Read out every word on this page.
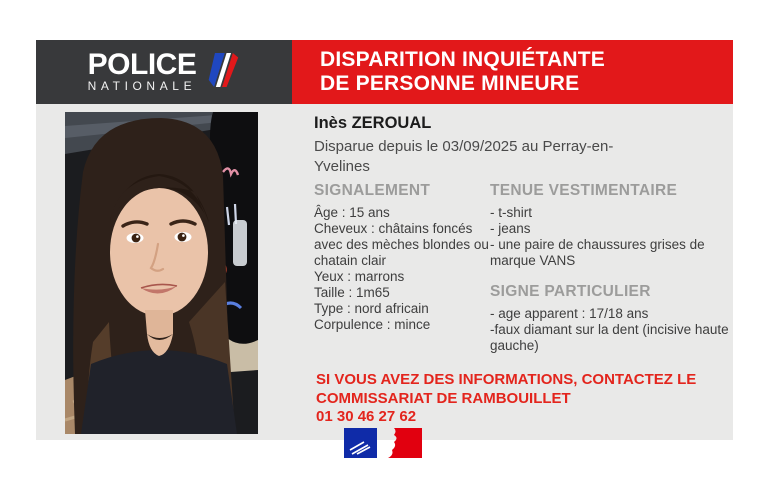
POLICE
NATIONALE
DISPARITION INQUIÉTANTE
DE PERSONNE MINEURE
Inès ZEROUAL
Disparue depuis le 03/09/2025 au Perray-en-Yvelines
SIGNALEMENT
Âge : 15 ans
Cheveux : châtains foncés avec des mèches blondes ou chatain clair
Yeux : marrons
Taille : 1m65
Type : nord africain
Corpulence : mince
TENUE VESTIMENTAIRE
- t-shirt
- jeans
- une paire de chaussures grises de marque VANS
SIGNE PARTICULIER
- age apparent : 17/18 ans
-faux diamant sur la dent (incisive haute gauche)
SI VOUS AVEZ DES INFORMATIONS, CONTACTEZ LE
COMMISSARIAT DE RAMBOUILLET
01 30 46 27 62
